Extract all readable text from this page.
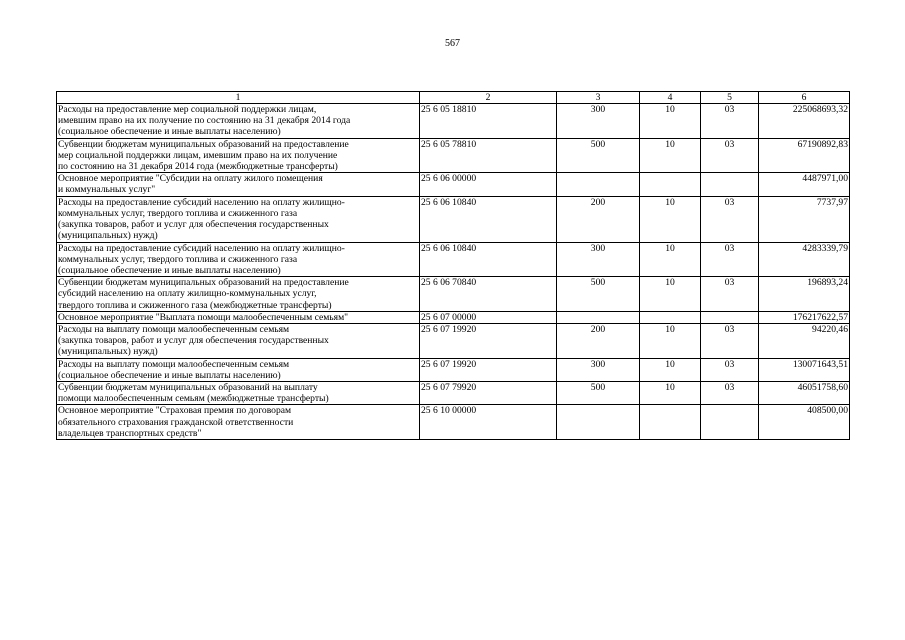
567
1	2	3	4	5	6
Расходы на предоставление мер социальной поддержки лицам,
имевшим право на их получение по состоянию на 31 декабря 2014 года
(социальное обеспечение и иные выплаты населению)	25 6 05 18810	300	10	03	225068693,32
Субвенции бюджетам муниципальных образований на предоставление
мер социальной поддержки лицам, имевшим право на их получение
по состоянию на 31 декабря 2014 года (межбюджетные трансферты)	25 6 05 78810	500	10	03	67190892,83
Основное мероприятие "Субсидии на оплату жилого помещения
и коммунальных услуг"	25 6 06 00000				4487971,00
Расходы на предоставление субсидий населению на оплату жилищно-
коммунальных услуг, твердого топлива и сжиженного газа
(закупка товаров, работ и услуг для обеспечения государственных
(муниципальных) нужд)	25 6 06 10840	200	10	03	7737,97
Расходы на предоставление субсидий населению на оплату жилищно-
коммунальных услуг, твердого топлива и сжиженного газа
(социальное обеспечение и иные выплаты населению)	25 6 06 10840	300	10	03	4283339,79
Субвенции бюджетам муниципальных образований на предоставление
субсидий населению на оплату жилищно-коммунальных услуг,
твердого топлива и сжиженного газа (межбюджетные трансферты)	25 6 06 70840	500	10	03	196893,24
Основное мероприятие "Выплата помощи малообеспеченным семьям"	25 6 07 00000				176217622,57
Расходы на выплату помощи малообеспеченным семьям
(закупка товаров, работ и услуг для обеспечения государственных
(муниципальных) нужд)	25 6 07 19920	200	10	03	94220,46
Расходы на выплату помощи малообеспеченным семьям
(социальное обеспечение и иные выплаты населению)	25 6 07 19920	300	10	03	130071643,51
Субвенции бюджетам муниципальных образований на выплату
помощи малообеспеченным семьям (межбюджетные трансферты)	25 6 07 79920	500	10	03	46051758,60
Основное мероприятие "Страховая премия по договорам
обязательного страхования гражданской ответственности
владельцев транспортных средств"	25 6 10 00000				408500,00
